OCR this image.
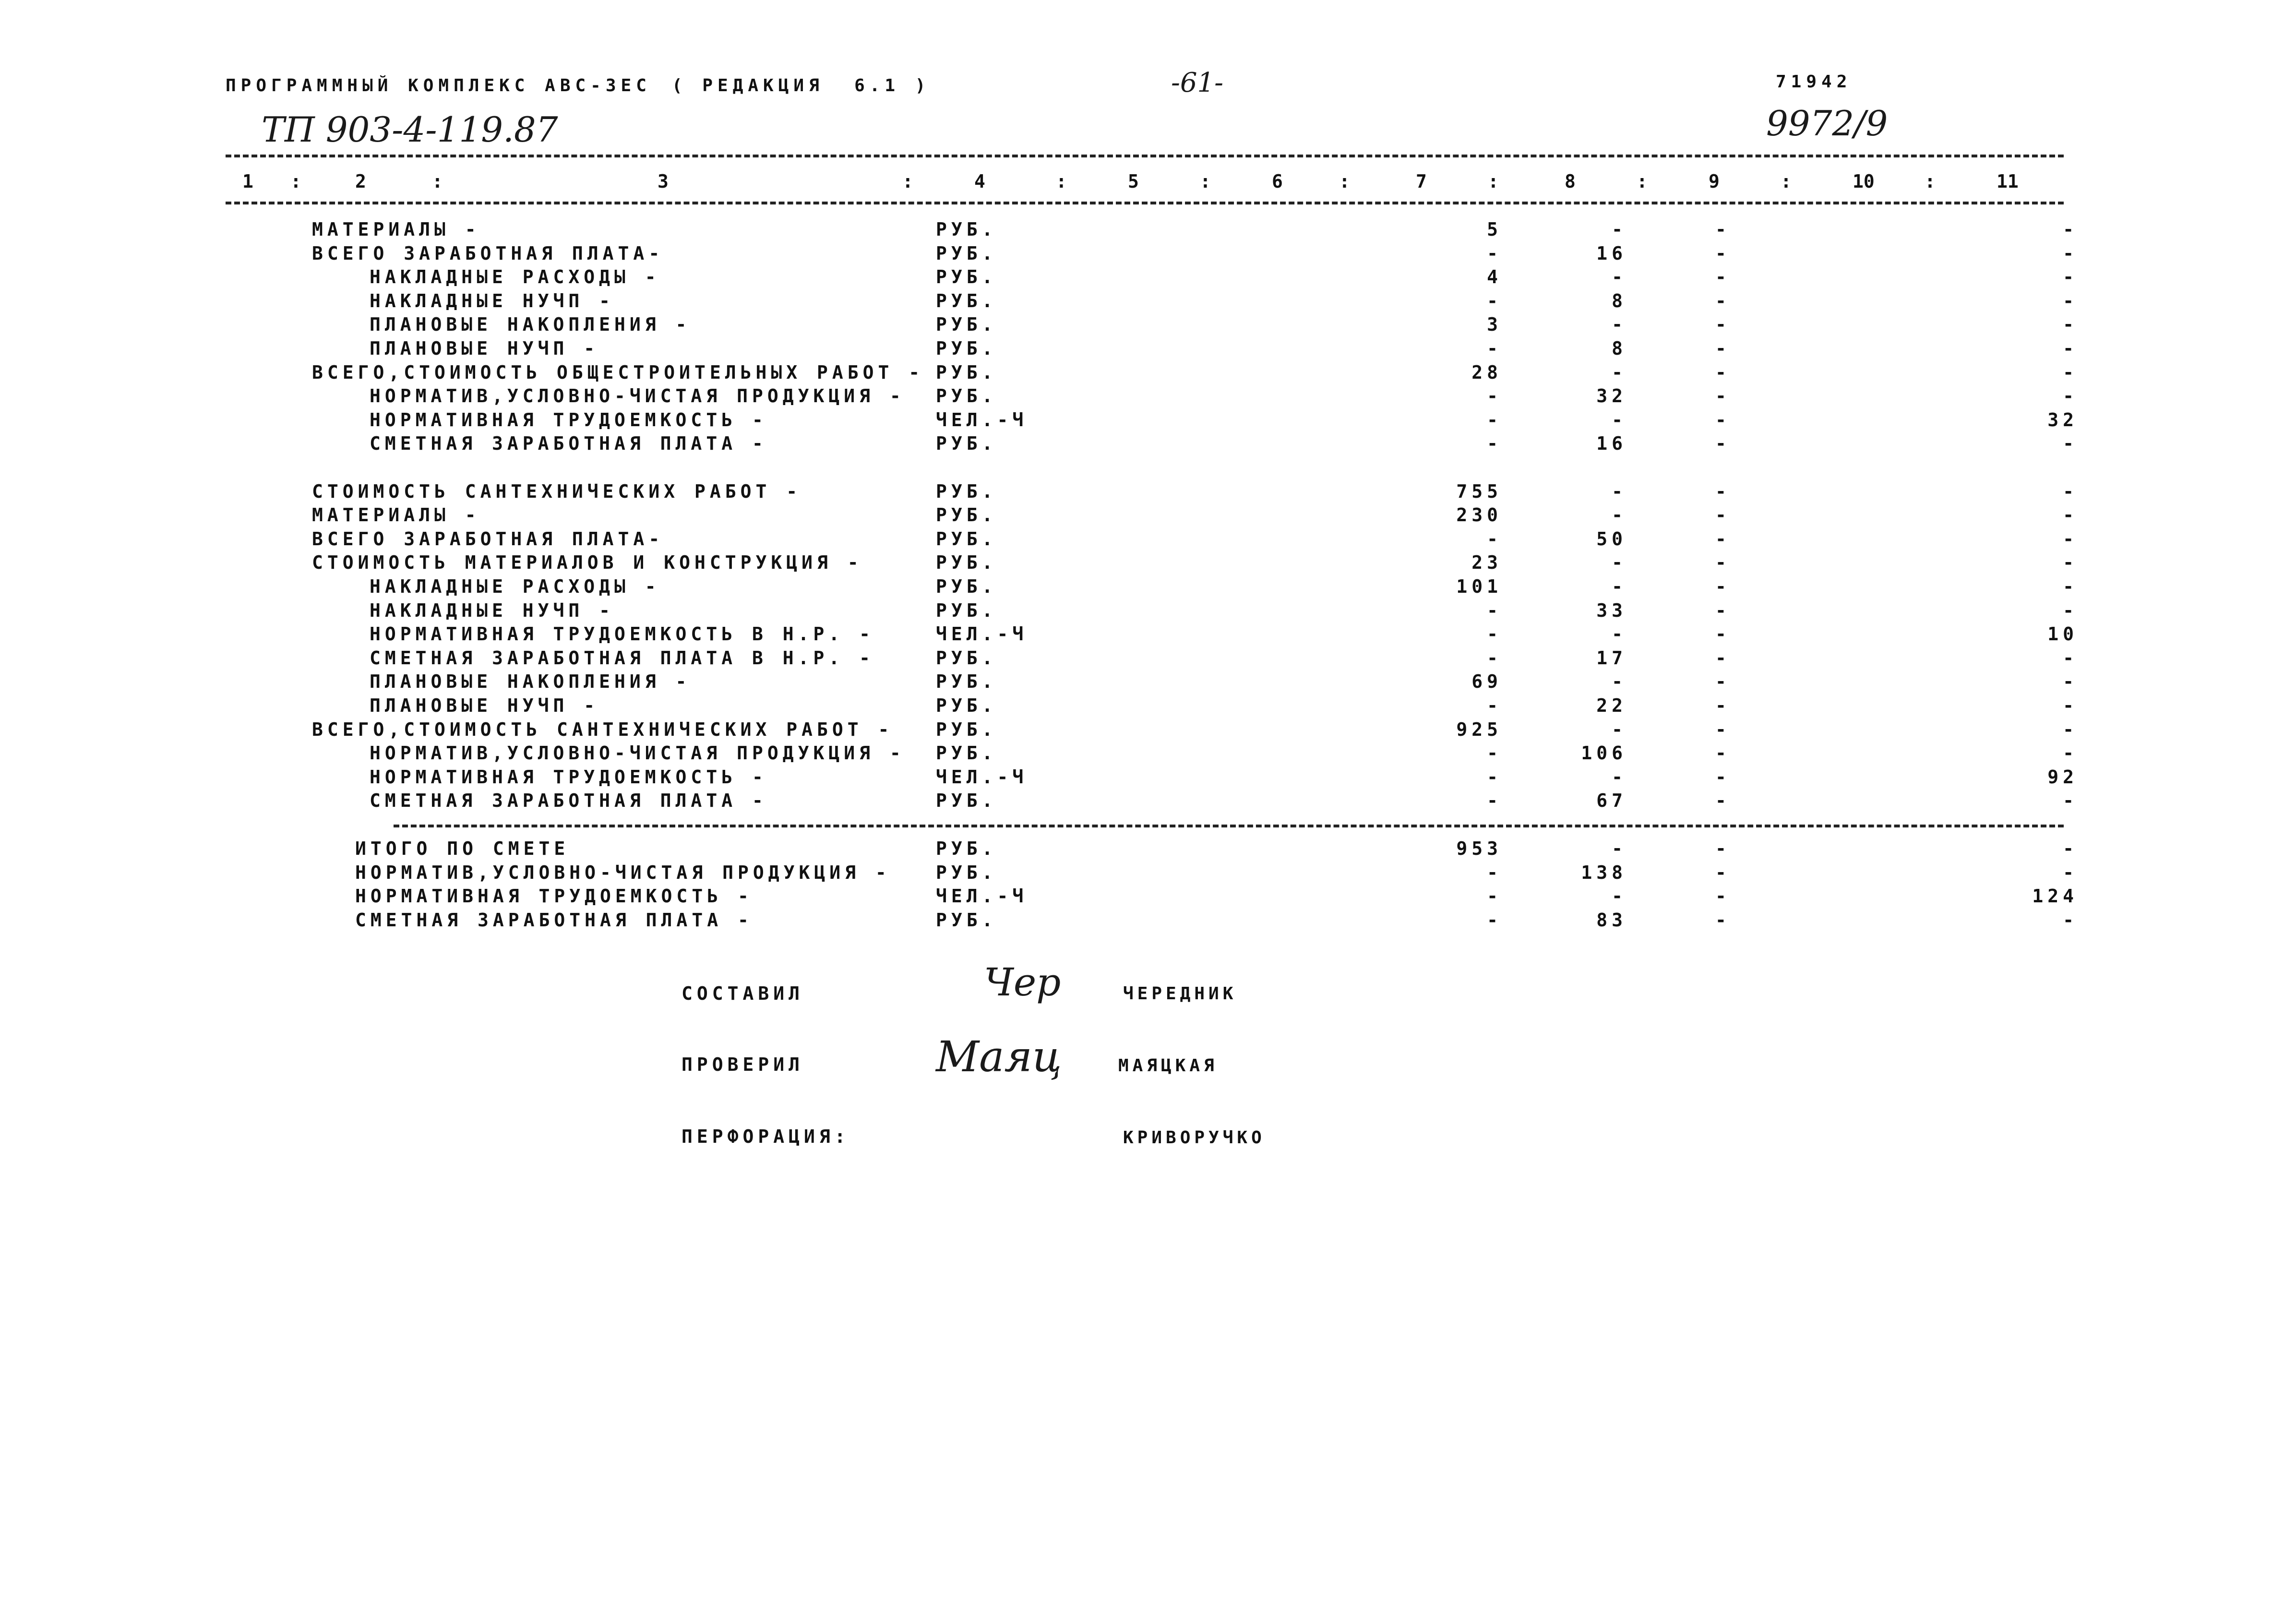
ПРОГРАММНЫЙ КОМПЛЕКС АВС-3ЕС ( РЕДАКЦИЯ  6.1 )	-61-	71942
ТП 903-4-119.87	9972/9
1 :	2	:	3	:	4	:	5	:	6	:	7	:	8	:	9	:	10	:	11
МАТЕРИАЛЫ -	РУБ.	5	-	-	-
ВСЕГО ЗАРАБОТНАЯ ПЛАТА-	РУБ.	-	16	-	-
НАКЛАДНЫЕ РАСХОДЫ -	РУБ.	4	-	-	-
НАКЛАДНЫЕ НУЧП -	РУБ.	-	8	-	-
ПЛАНОВЫЕ НАКОПЛЕНИЯ -	РУБ.	3	-	-	-
ПЛАНОВЫЕ НУЧП -	РУБ.	-	8	-	-
ВСЕГО,СТОИМОСТЬ ОБЩЕСТРОИТЕЛЬНЫХ РАБОТ - РУБ.	28	-	-	-
НОРМАТИВ,УСЛОВНО-ЧИСТАЯ ПРОДУКЦИЯ - РУБ.	-	32	-	-
НОРМАТИВНАЯ ТРУДОЕМКОСТЬ -	ЧЕЛ.-Ч	-	-	-	32
СМЕТНАЯ ЗАРАБОТНАЯ ПЛАТА -	РУБ.	-	16	-	-
СТОИМОСТЬ САНТЕХНИЧЕСКИХ РАБОТ -	РУБ.	755	-	-	-
МАТЕРИАЛЫ -	РУБ.	230	-	-	-
ВСЕГО ЗАРАБОТНАЯ ПЛАТА-	РУБ.	-	50	-	-
СТОИМОСТЬ МАТЕРИАЛОВ И КОНСТРУКЦИЯ -	РУБ.	23	-	-	-
НАКЛАДНЫЕ РАСХОДЫ -	РУБ.	101	-	-	-
НАКЛАДНЫЕ НУЧП -	РУБ.	-	33	-	-
НОРМАТИВНАЯ ТРУДОЕМКОСТЬ В Н.Р. -	ЧЕЛ.-Ч	-	-	-	10
СМЕТНАЯ ЗАРАБОТНАЯ ПЛАТА В Н.Р. -	РУБ.	-	17	-	-
ПЛАНОВЫЕ НАКОПЛЕНИЯ -	РУБ.	69	-	-	-
ПЛАНОВЫЕ НУЧП -	РУБ.	-	22	-	-
ВСЕГО,СТОИМОСТЬ САНТЕХНИЧЕСКИХ РАБОТ - РУБ.	925	-	-	-
НОРМАТИВ,УСЛОВНО-ЧИСТАЯ ПРОДУКЦИЯ - РУБ.	-	106	-	-
НОРМАТИВНАЯ ТРУДОЕМКОСТЬ -	ЧЕЛ.-Ч	-	-	-	92
СМЕТНАЯ ЗАРАБОТНАЯ ПЛАТА -	РУБ.	-	67	-	-
ИТОГО ПО СМЕТЕ	РУБ.	953	-	-	-
НОРМАТИВ,УСЛОВНО-ЧИСТАЯ ПРОДУКЦИЯ - РУБ.	-	138	-	-
НОРМАТИВНАЯ ТРУДОЕМКОСТЬ -	ЧЕЛ.-Ч	-	-	-	124
СМЕТНАЯ ЗАРАБОТНАЯ ПЛАТА -	РУБ.	-	83	-	-
СОСТАВИЛ	Чер	ЧЕРЕДНИК
ПРОВЕРИЛ	Маяц	МАЯЦКАЯ
ПЕРФОРАЦИЯ:	КРИВОРУЧКО
